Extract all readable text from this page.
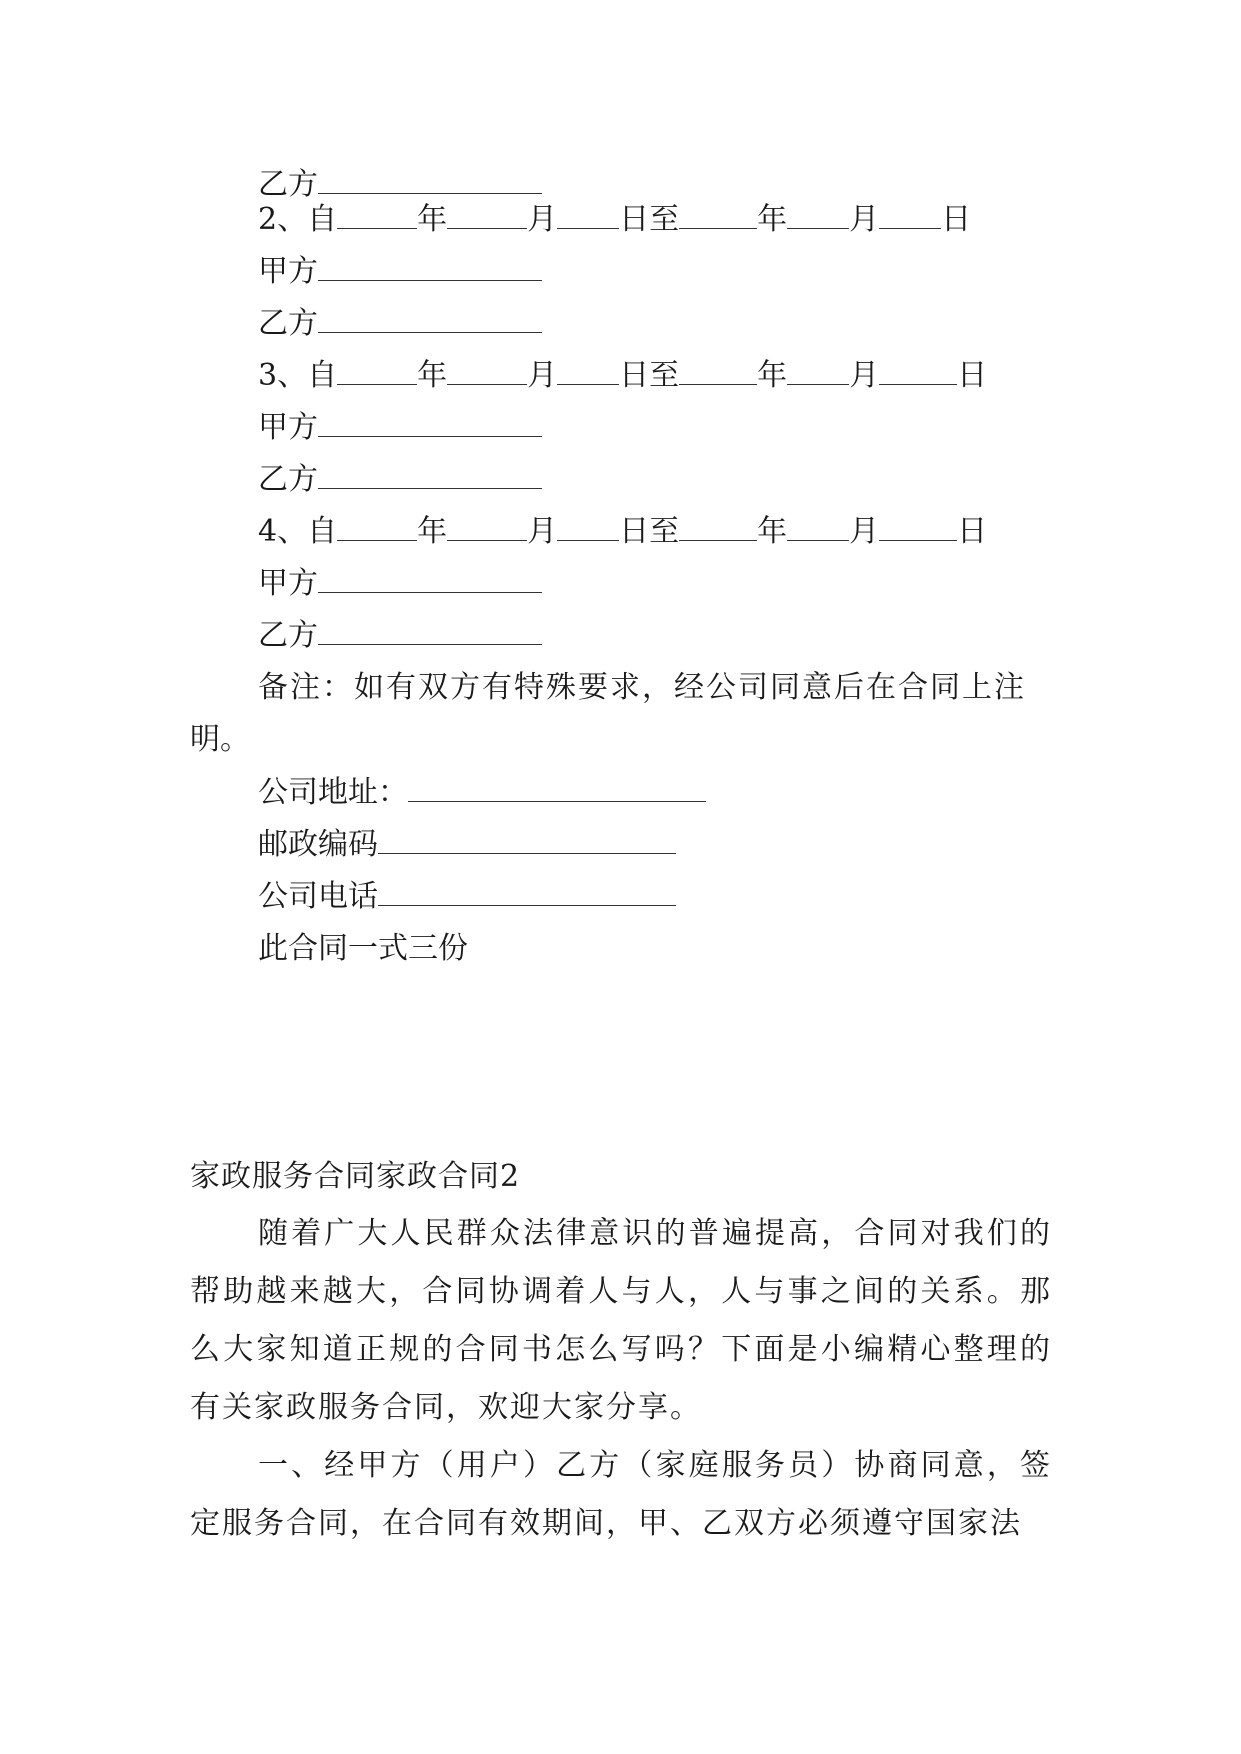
乙方
2、自	年	月 日至	年 月 日
甲方
乙方
3、自	年	月 日至	年 月	日
甲方
乙方
4、自	年	月 日至	年 月	日
甲方
乙方
备注：如有双方有特殊要求，经公司同意后在合同上注
明。
公司地址：
邮政编码
公司电话
此合同一式三份
家政服务合同家政合同2
随着广大人民群众法律意识的普遍提高，合同对我们的帮助越来越大，合同协调着人与人，人与事之间的关系。那么大家知道正规的合同书怎么写吗？下面是小编精心整理的有关家政服务合同，欢迎大家分享。
一、经甲方（用户）乙方（家庭服务员）协商同意，签定服务合同，在合同有效期间，甲、乙双方必须遵守国家法
